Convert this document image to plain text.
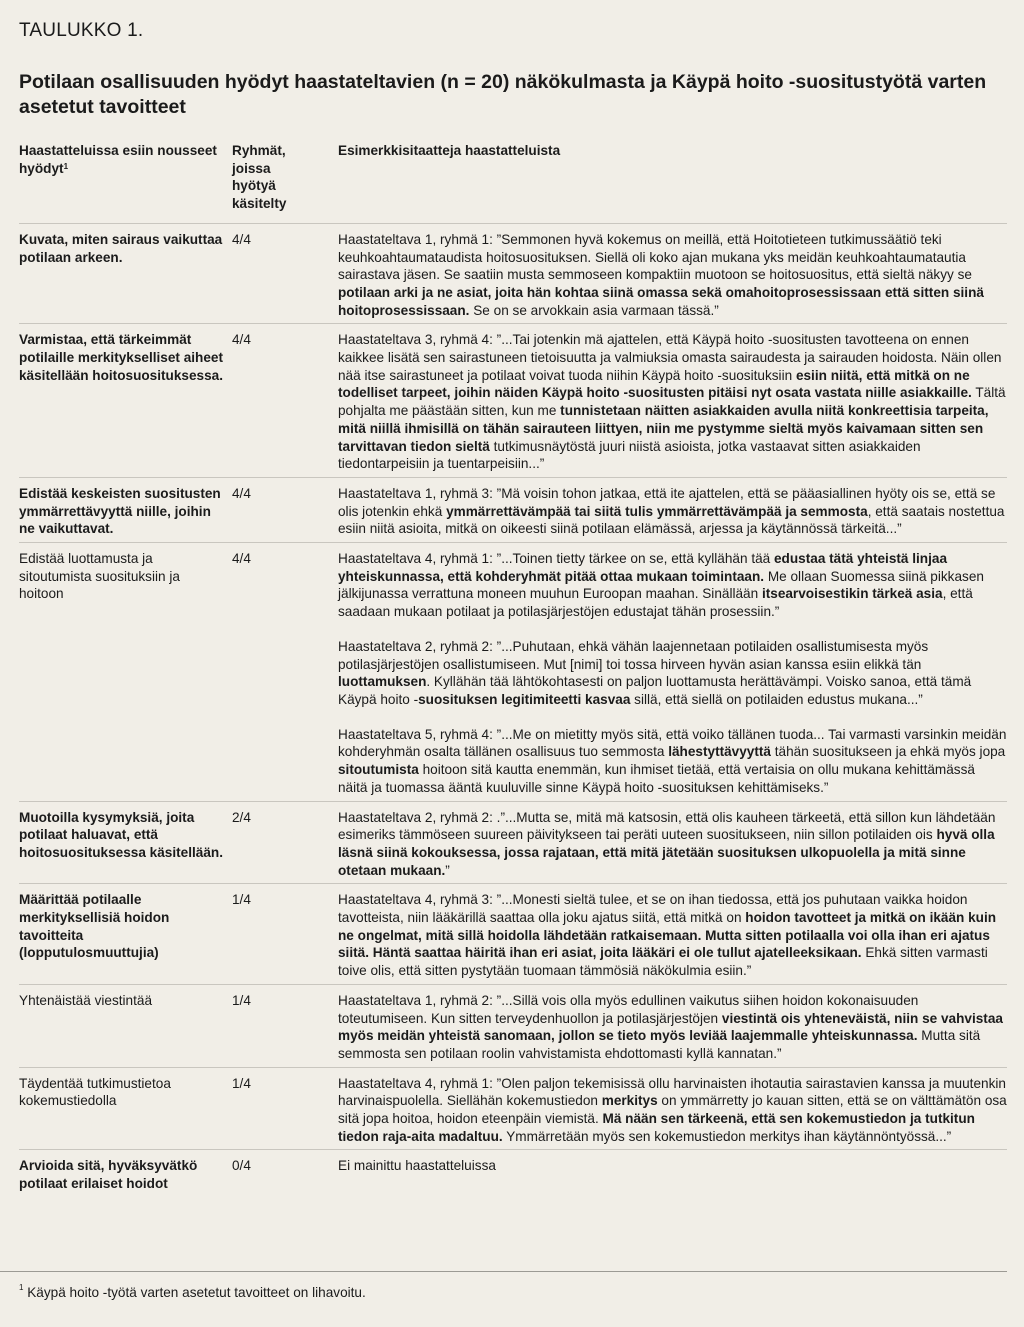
TAULUKKO 1.
Potilaan osallisuuden hyödyt haastateltavien (n = 20) näkökulmasta ja Käypä hoito -suositustyötä varten asetetut tavoitteet
Haastatteluissa esiin nousseet hyödyt$^1$	Ryhmät, joissa hyötyä käsitelty	Esimerkkisitaatteja haastatteluista
Kuvata, miten sairaus vaikuttaa potilaan arkeen.	4/4	Haastateltava 1, ryhmä 1: ”Semmonen hyvä kokemus on meillä, että Hoitotieteen tutkimussäätiö teki keuhkoahtaumataudista hoitosuosituksen. Siellä oli koko ajan mukana yks meidän keuhkoahtaumatautia sairastava jäsen. Se saatiin musta semmoseen kompaktiin muotoon se hoitosuositus, että sieltä näkyy se potilaan arki ja ne asiat, joita hän kohtaa siinä omassa sekä omahoitoprosessissaan että sitten siinä hoitoprosessissaan. Se on se arvokkain asia varmaan tässä.”
Varmistaa, että tärkeimmät potilaille merkitykselliset aiheet käsitellään hoitosuosituksessa.	4/4	Haastateltava 3, ryhmä 4: ”...Tai jotenkin mä ajattelen, että Käypä hoito -suositusten tavotteena on ennen kaikkee lisätä sen sairastuneen tietoisuutta ja valmiuksia omasta sairaudesta ja sairauden hoidosta. Näin ollen nää itse sairastuneet ja potilaat voivat tuoda niihin Käypä hoito -suosituksiin esiin niitä, että mitkä on ne todelliset tarpeet, joihin näiden Käypä hoito -suositusten pitäisi nyt osata vastata niille asiakkaille. Tältä pohjalta me päästään sitten, kun me tunnistetaan näitten asiakkaiden avulla niitä konkreettisia tarpeita, mitä niillä ihmisillä on tähän sairauteen liittyen, niin me pystymme sieltä myös kaivamaan sitten sen tarvittavan tiedon sieltä tutkimusnäytöstä juuri niistä asioista, jotka vastaavat sitten asiakkaiden tiedontarpeisiin ja tuentarpeisiin...”
Edistää keskeisten suositusten ymmärrettävyyttä niille, joihin ne vaikuttavat.	4/4	Haastateltava 1, ryhmä 3: ”Mä voisin tohon jatkaa, että ite ajattelen, että se pääasiallinen hyöty ois se, että se olis jotenkin ehkä ymmärrettävämpää tai siitä tulis ymmärrettävämpää ja semmosta, että saatais nostettua esiin niitä asioita, mitkä on oikeesti siinä potilaan elämässä, arjessa ja käytännössä tärkeitä...”
Edistää luottamusta ja sitoutumista suosituksiin ja hoitoon	4/4	Haastateltava 4, ryhmä 1: ”...Toinen tietty tärkee on se, että kyllähän tää edustaa tätä yhteistä linjaa yhteiskunnassa, että kohderyhmät pitää ottaa mukaan toimintaan. Me ollaan Suomessa siinä pikkasen jälkijunassa verrattuna moneen muuhun Euroopan maahan. Sinällään itsearvoisestikin tärkeä asia, että saadaan mukaan potilaat ja potilasjärjestöjen edustajat tähän prosessiin.”
		Haastateltava 2, ryhmä 2: ”...Puhutaan, ehkä vähän laajennetaan potilaiden osallistumisesta myös potilasjärjestöjen osallistumiseen. Mut [nimi] toi tossa hirveen hyvän asian kanssa esiin elikkä tän luottamuksen. Kyllähän tää lähtökohtasesti on paljon luottamusta herättävämpi. Voisko sanoa, että tämä Käypä hoito -suosituksen legitimiteetti kasvaa sillä, että siellä on potilaiden edustus mukana...”
		Haastateltava 5, ryhmä 4: ”...Me on mietitty myös sitä, että voiko tällänen tuoda... Tai varmasti varsinkin meidän kohderyhmän osalta tällänen osallisuus tuo semmosta lähestyttävyyttä tähän suositukseen ja ehkä myös jopa sitoutumista hoitoon sitä kautta enemmän, kun ihmiset tietää, että vertaisia on ollu mukana kehittämässä näitä ja tuomassa ääntä kuuluville sinne Käypä hoito -suosituksen kehittämiseks.”
Muotoilla kysymyksiä, joita potilaat haluavat, että hoitosuosituksessa käsitellään.	2/4	Haastateltava 2, ryhmä 2: .”...Mutta se, mitä mä katsosin, että olis kauheen tärkeetä, että sillon kun lähdetään esimeriks tämmöseen suureen päivitykseen tai peräti uuteen suositukseen, niin sillon potilaiden ois hyvä olla läsnä siinä kokouksessa, jossa rajataan, että mitä jätetään suosituksen ulkopuolella ja mitä sinne otetaan mukaan.”
Määrittää potilaalle merkityksellisiä hoidon tavoitteita (lopputulosmuuttujia)	1/4	Haastateltava 4, ryhmä 3: ”...Monesti sieltä tulee, et se on ihan tiedossa, että jos puhutaan vaikka hoidon tavotteista, niin lääkärillä saattaa olla joku ajatus siitä, että mitkä on hoidon tavotteet ja mitkä on ikään kuin ne ongelmat, mitä sillä hoidolla lähdetään ratkaisemaan. Mutta sitten potilaalla voi olla ihan eri ajatus siitä. Häntä saattaa häiritä ihan eri asiat, joita lääkäri ei ole tullut ajatelleeksikaan. Ehkä sitten varmasti toive olis, että sitten pystytään tuomaan tämmösiä näkökulmia esiin.”
Yhtenäistää viestintää	1/4	Haastateltava 1, ryhmä 2: ”...Sillä vois olla myös edullinen vaikutus siihen hoidon kokonaisuuden toteutumiseen. Kun sitten terveydenhuollon ja potilasjärjestöjen viestintä ois yhteneväistä, niin se vahvistaa myös meidän yhteistä sanomaan, jollon se tieto myös leviää laajemmalle yhteiskunnassa. Mutta sitä semmosta sen potilaan roolin vahvistamista ehdottomasti kyllä kannatan.”
Täydentää tutkimustietoa kokemustiedolla	1/4	Haastateltava 4, ryhmä 1: ”Olen paljon tekemisissä ollu harvinaisten ihotautia sairastavien kanssa ja muutenkin harvinaispuolella. Siellähän kokemustiedon merkitys on ymmärretty jo kauan sitten, että se on välttämätön osa sitä jopa hoitoa, hoidon eteenpäin viemistä. Mä nään sen tärkeenä, että sen kokemustiedon ja tutkitun tiedon raja-aita madaltuu. Ymmärretään myös sen kokemustiedon merkitys ihan käytännöntyössä...”
Arvioida sitä, hyväksyvätkö potilaat erilaiset hoidot	0/4	Ei mainittu haastatteluissa
$^1$ Käypä hoito -työtä varten asetetut tavoitteet on lihavoitu.
